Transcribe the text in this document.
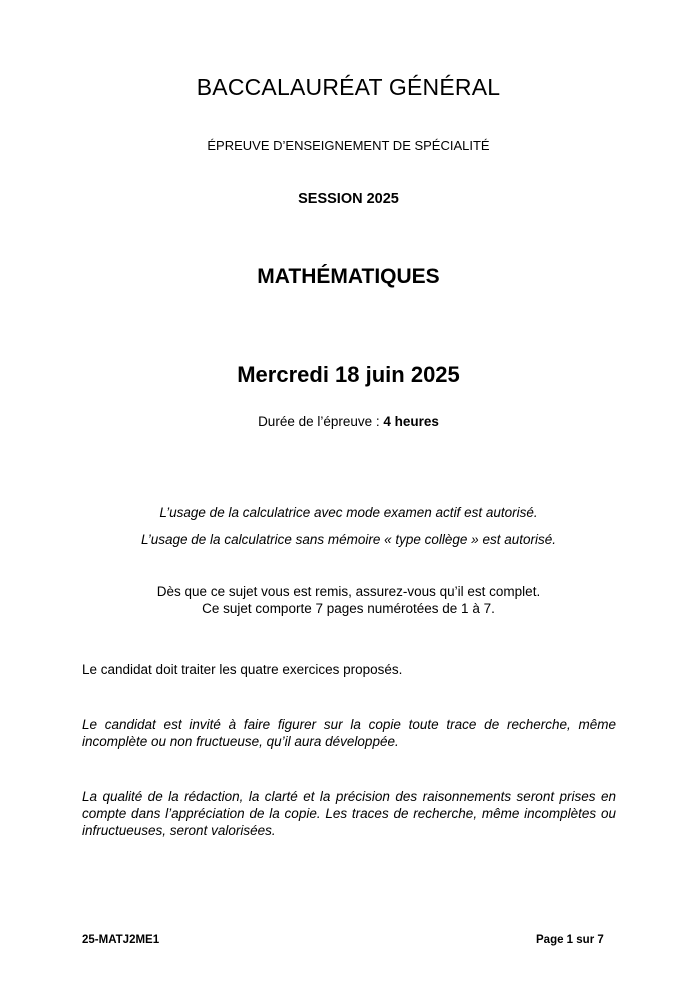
BACCALAURÉAT GÉNÉRAL
ÉPREUVE D’ENSEIGNEMENT DE SPÉCIALITÉ
SESSION 2025
MATHÉMATIQUES
Mercredi 18 juin 2025
Durée de l’épreuve : 4 heures
L’usage de la calculatrice avec mode examen actif est autorisé.
L’usage de la calculatrice sans mémoire « type collège » est autorisé.
Dès que ce sujet vous est remis, assurez-vous qu’il est complet.
Ce sujet comporte 7 pages numérotées de 1 à 7.
Le candidat doit traiter les quatre exercices proposés.
Le candidat est invité à faire figurer sur la copie toute trace de recherche, même incomplète ou non fructueuse, qu’il aura développée.
La qualité de la rédaction, la clarté et la précision des raisonnements seront prises en compte dans l’appréciation de la copie. Les traces de recherche, même incomplètes ou infructueuses, seront valorisées.
25-MATJ2ME1	Page 1 sur 7
